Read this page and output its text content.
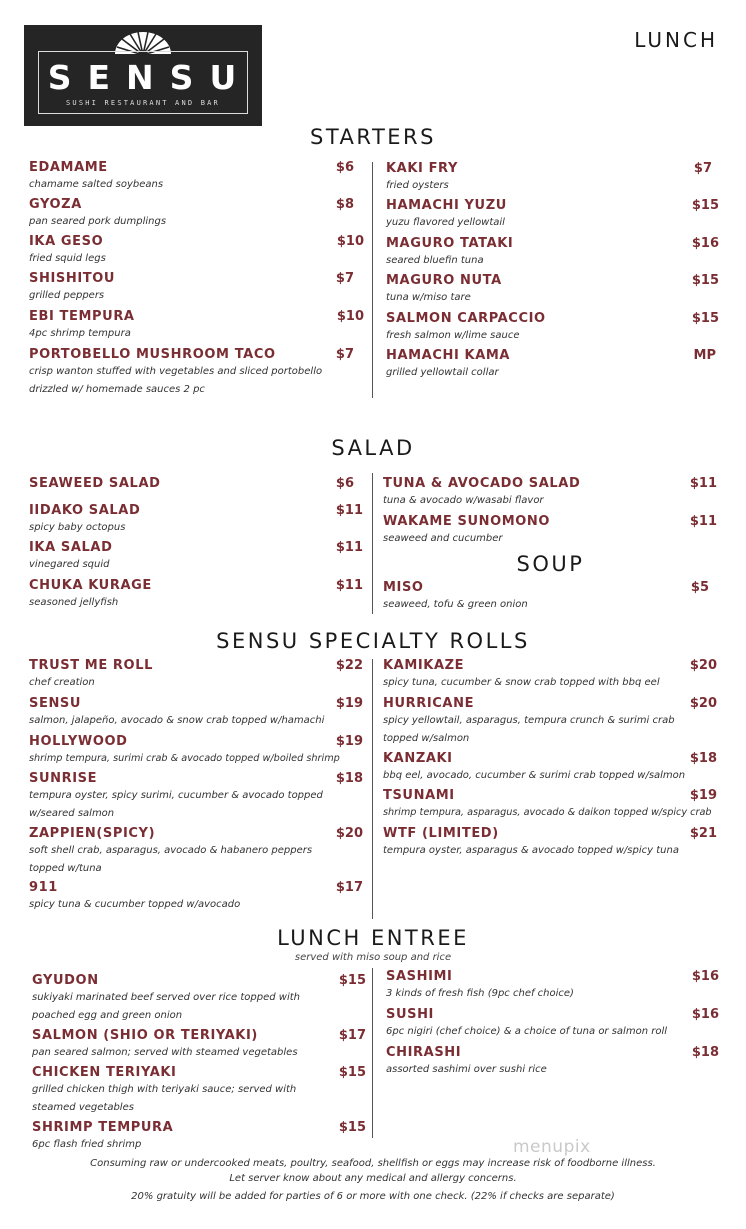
SENSU
SUSHI RESTAURANT AND BAR
LUNCH
STARTERS
EDAMAME	$6
chamame salted soybeans
GYOZA	$8
pan seared pork dumplings
IKA GESO	$10
fried squid legs
SHISHITOU	$7
grilled peppers
EBI TEMPURA	$10
4pc shrimp tempura
PORTOBELLO MUSHROOM TACO	$7
crisp wanton stuffed with vegetables and sliced portobello drizzled w/ homemade sauces 2 pc
KAKI FRY	$7
fried oysters
HAMACHI YUZU	$15
yuzu flavored yellowtail
MAGURO TATAKI	$16
seared bluefin tuna
MAGURO NUTA	$15
tuna w/miso tare
SALMON CARPACCIO	$15
fresh salmon w/lime sauce
HAMACHI KAMA	MP
grilled yellowtail collar
SALAD
SEAWEED SALAD	$6
IIDAKO SALAD	$11
spicy baby octopus
IKA SALAD	$11
vinegared squid
CHUKA KURAGE	$11
seasoned jellyfish
TUNA & AVOCADO SALAD	$11
tuna & avocado w/wasabi flavor
WAKAME SUNOMONO	$11
seaweed and cucumber
SOUP
MISO	$5
seaweed, tofu & green onion
SENSU SPECIALTY ROLLS
TRUST ME ROLL	$22
chef creation
SENSU	$19
salmon, jalapeño, avocado & snow crab topped w/hamachi
HOLLYWOOD	$19
shrimp tempura, surimi crab & avocado topped w/boiled shrimp
SUNRISE	$18
tempura oyster, spicy surimi, cucumber & avocado topped w/seared salmon
ZAPPIEN(SPICY)	$20
soft shell crab, asparagus, avocado & habanero peppers topped w/tuna
911	$17
spicy tuna & cucumber topped w/avocado
KAMIKAZE	$20
spicy tuna, cucumber & snow crab topped with bbq eel
HURRICANE	$20
spicy yellowtail, asparagus, tempura crunch & surimi crab topped w/salmon
KANZAKI	$18
bbq eel, avocado, cucumber & surimi crab topped w/salmon
TSUNAMI	$19
shrimp tempura, asparagus, avocado & daikon topped w/spicy crab
WTF (LIMITED)	$21
tempura oyster, asparagus & avocado topped w/spicy tuna
LUNCH ENTREE
served with miso soup and rice
GYUDON	$15
sukiyaki marinated beef served over rice topped with poached egg and green onion
SALMON (SHIO OR TERIYAKI)	$17
pan seared salmon; served with steamed vegetables
CHICKEN TERIYAKI	$15
grilled chicken thigh with teriyaki sauce; served with steamed vegetables
SHRIMP TEMPURA	$15
6pc flash fried shrimp
SASHIMI	$16
3 kinds of fresh fish (9pc chef choice)
SUSHI	$16
6pc nigiri (chef choice) & a choice of tuna or salmon roll
CHIRASHI	$18
assorted sashimi over sushi rice
menupix
Consuming raw or undercooked meats, poultry, seafood, shellfish or eggs may increase risk of foodborne illness.
Let server know about any medical and allergy concerns.
20% gratuity will be added for parties of 6 or more with one check. (22% if checks are separate)
